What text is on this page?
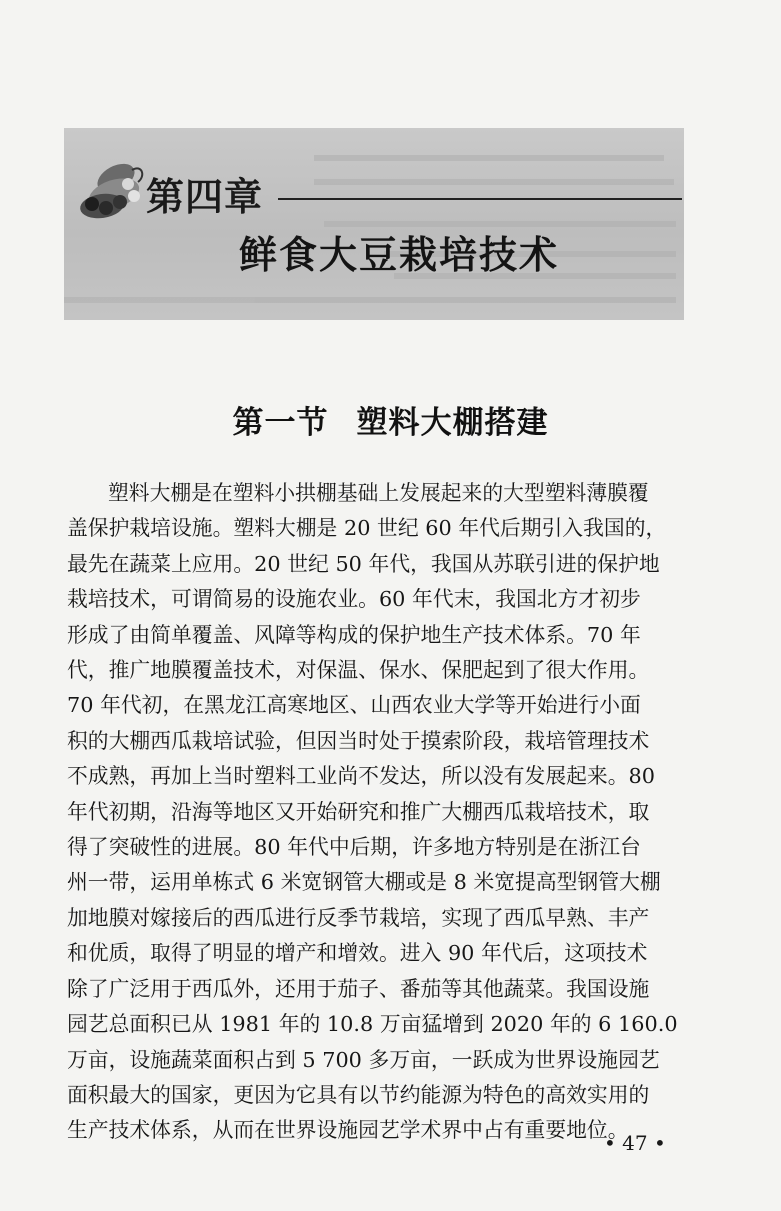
第四章
鲜食大豆栽培技术
第一节 塑料大棚搭建
塑料大棚是在塑料小拱棚基础上发展起来的大型塑料薄膜覆
盖保护栽培设施。塑料大棚是 20 世纪 60 年代后期引入我国的，
最先在蔬菜上应用。20 世纪 50 年代，我国从苏联引进的保护地
栽培技术，可谓简易的设施农业。60 年代末，我国北方才初步
形成了由简单覆盖、风障等构成的保护地生产技术体系。70 年
代，推广地膜覆盖技术，对保温、保水、保肥起到了很大作用。
70 年代初，在黑龙江高寒地区、山西农业大学等开始进行小面
积的大棚西瓜栽培试验，但因当时处于摸索阶段，栽培管理技术
不成熟，再加上当时塑料工业尚不发达，所以没有发展起来。80
年代初期，沿海等地区又开始研究和推广大棚西瓜栽培技术，取
得了突破性的进展。80 年代中后期，许多地方特别是在浙江台
州一带，运用单栋式 6 米宽钢管大棚或是 8 米宽提高型钢管大棚
加地膜对嫁接后的西瓜进行反季节栽培，实现了西瓜早熟、丰产
和优质，取得了明显的增产和增效。进入 90 年代后，这项技术
除了广泛用于西瓜外，还用于茄子、番茄等其他蔬菜。我国设施
园艺总面积已从 1981 年的 10.8 万亩猛增到 2020 年的 6 160.0
万亩，设施蔬菜面积占到 5 700 多万亩，一跃成为世界设施园艺
面积最大的国家，更因为它具有以节约能源为特色的高效实用的
生产技术体系，从而在世界设施园艺学术界中占有重要地位。
• 47 •
